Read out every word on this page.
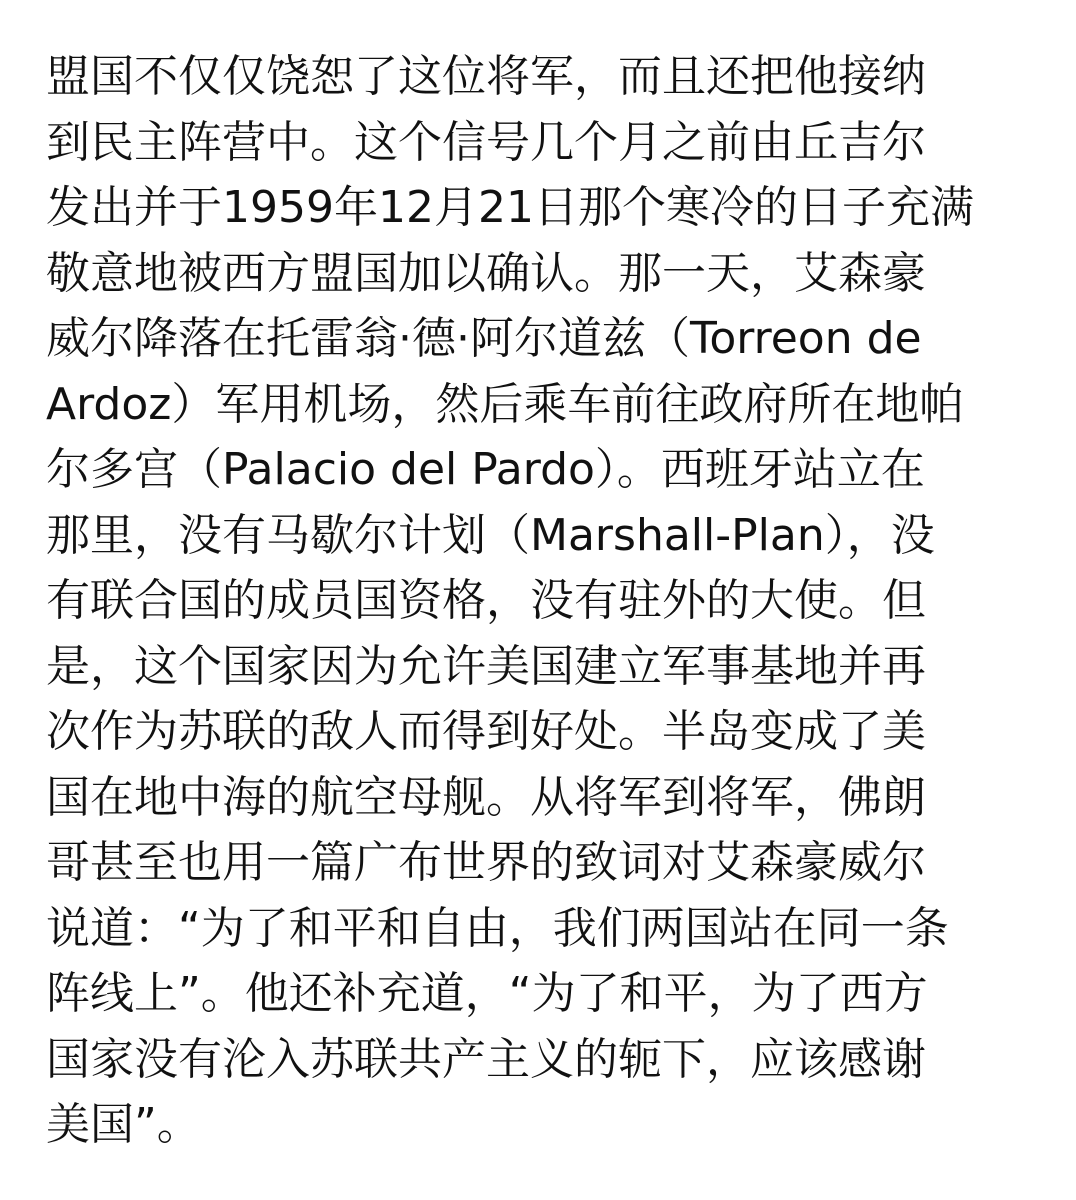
盟国不仅仅饶恕了这位将军，而且还把他接纳
到民主阵营中。这个信号几个月之前由丘吉尔
发出并于1959年12月21日那个寒冷的日子充满
敬意地被西方盟国加以确认。那一天，艾森豪
威尔降落在托雷翁·德·阿尔道兹（Torreon de
Ardoz）军用机场，然后乘车前往政府所在地帕
尔多宫（Palacio del Pardo）。西班牙站立在
那里，没有马歇尔计划（Marshall-Plan），没
有联合国的成员国资格，没有驻外的大使。但
是，这个国家因为允许美国建立军事基地并再
次作为苏联的敌人而得到好处。半岛变成了美
国在地中海的航空母舰。从将军到将军，佛朗
哥甚至也用一篇广布世界的致词对艾森豪威尔
说道：“为了和平和自由，我们两国站在同一条
阵线上”。他还补充道，“为了和平，为了西方
国家没有沦入苏联共产主义的轭下，应该感谢
美国”。
